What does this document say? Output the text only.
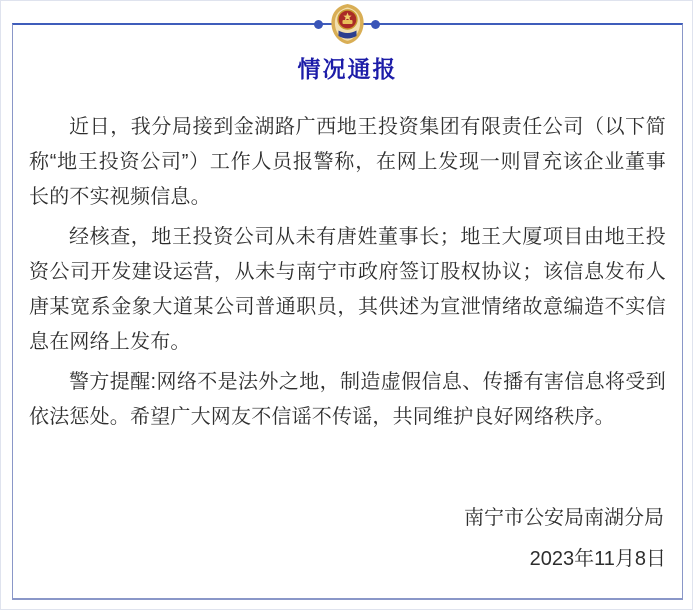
情况通报

近日，我分局接到金湖路广西地王投资集团有限责任公司（以下简称“地王投资公司”）工作人员报警称，在网上发现一则冒充该企业董事长的不实视频信息。

经核查，地王投资公司从未有唐姓董事长；地王大厦项目由地王投资公司开发建设运营，从未与南宁市政府签订股权协议；该信息发布人唐某宽系金象大道某公司普通职员，其供述为宣泄情绪故意编造不实信息在网络上发布。

警方提醒:网络不是法外之地，制造虚假信息、传播有害信息将受到依法惩处。希望广大网友不信谣不传谣，共同维护良好网络秩序。

南宁市公安局南湖分局
2023年11月8日
